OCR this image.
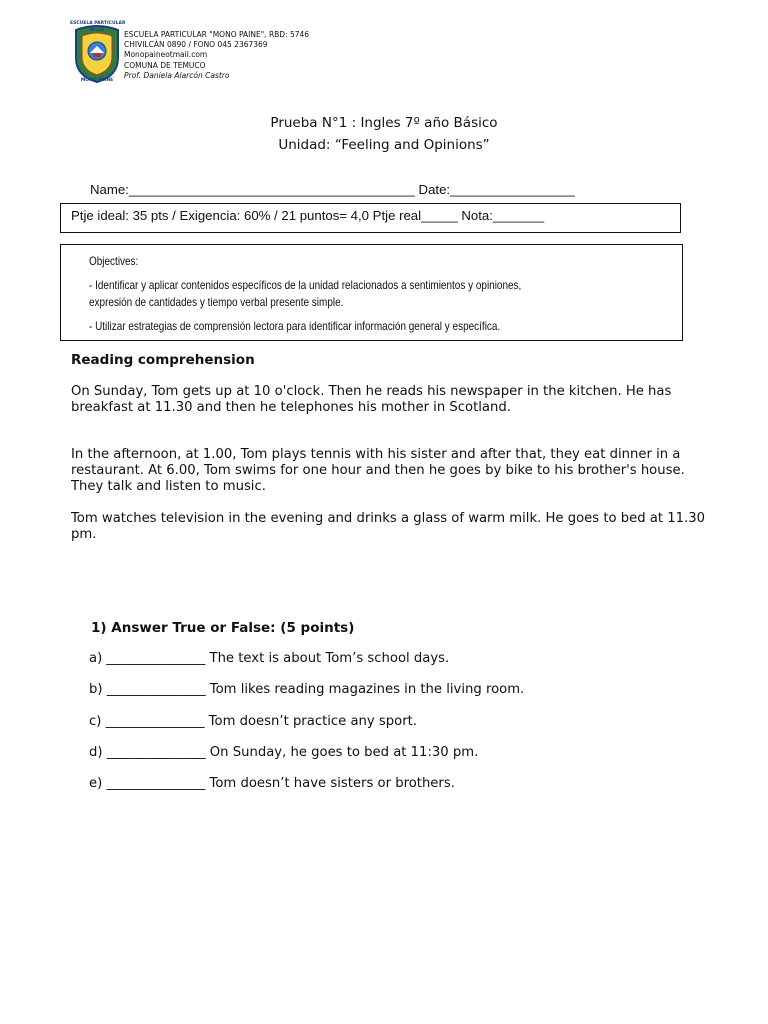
ESCUELA PARTICULAR
Nº110
MONO PAINE
ESCUELA PARTICULAR "MONO PAINE", RBD: 5746
CHIVILCÁN 0890 / FONO 045 2367369
Monopaineotmail.com
COMUNA DE TEMUCO
Prof. Daniela Alarcón Castro
Prueba N°1 : Ingles 7º año Básico
Unidad: “Feeling and Opinions”
Name:_______________________________________ Date:_________________
Ptje ideal: 35 pts / Exigencia: 60% / 21 puntos= 4,0 Ptje real_____ Nota:_______
Objectives:
- Identificar y aplicar contenidos específicos de la unidad relacionados a sentimientos y opiniones,
expresión de cantidades y tiempo verbal presente simple.
- Utilizar estrategias de comprensión lectora para identificar información general y específica.
Reading comprehension
On Sunday, Tom gets up at 10 o'clock. Then he reads his newspaper in the kitchen. He has breakfast at 11.30 and then he telephones his mother in Scotland.
In the afternoon, at 1.00, Tom plays tennis with his sister and after that, they eat dinner in a restaurant. At 6.00, Tom swims for one hour and then he goes by bike to his brother's house. They talk and listen to music.
Tom watches television in the evening and drinks a glass of warm milk. He goes to bed at 11.30 pm.
1) Answer True or False: (5 points)
a) _______________ The text is about Tom’s school days.
b) _______________ Tom likes reading magazines in the living room.
c) _______________ Tom doesn’t practice any sport.
d) _______________ On Sunday, he goes to bed at 11:30 pm.
e) _______________ Tom doesn’t have sisters or brothers.
